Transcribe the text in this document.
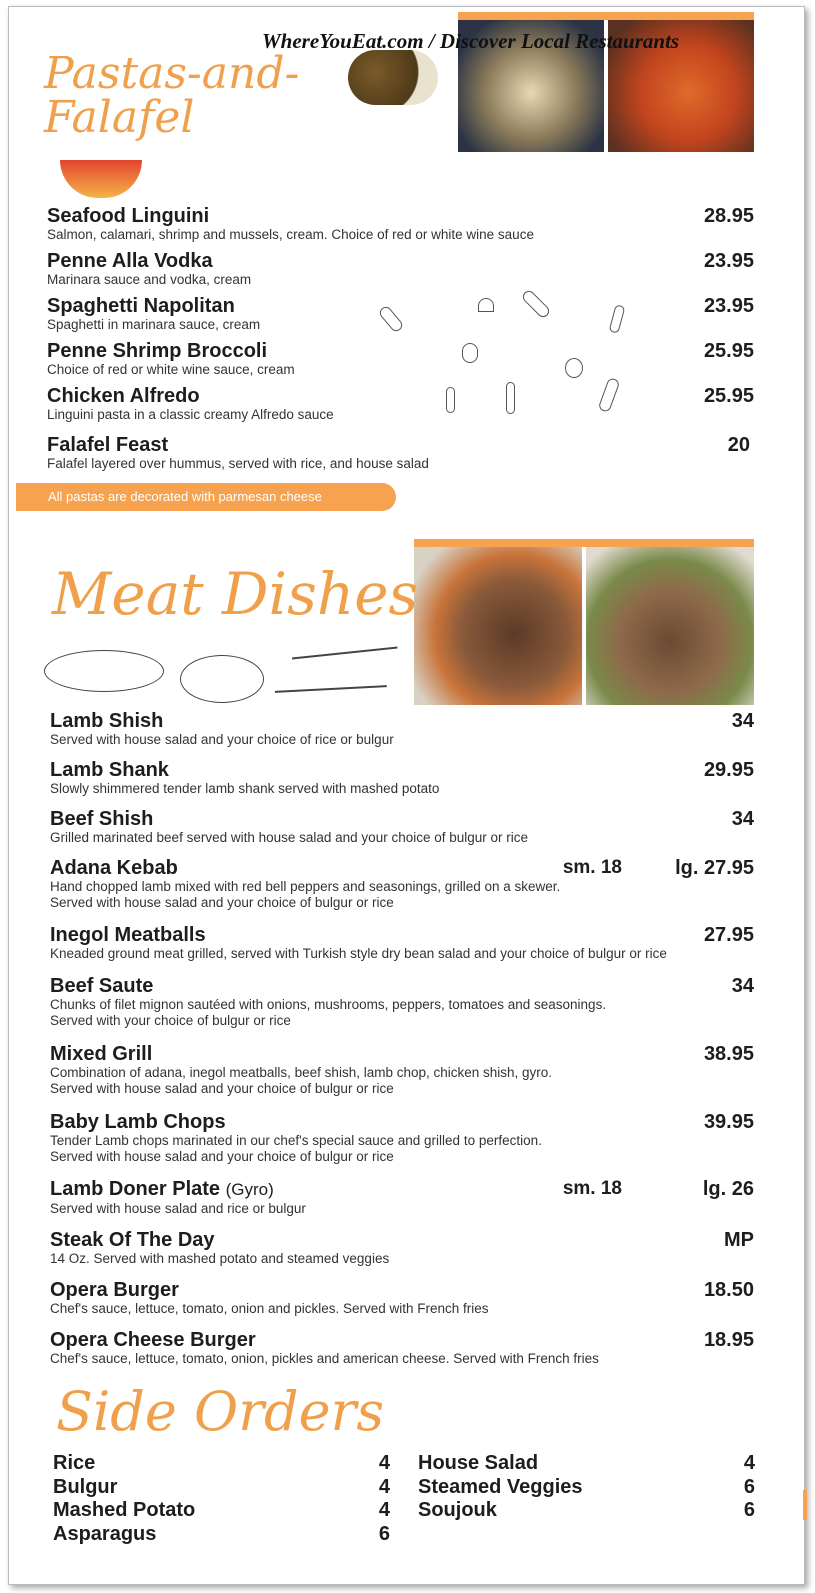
WhereYouEat.com / Discover Local Restaurants
Pastas-and-Falafel
Seafood Linguini
Salmon, calamari, shrimp and mussels, cream. Choice of red or white wine sauce
28.95
Penne Alla Vodka
Marinara sauce and vodka, cream
23.95
Spaghetti Napolitan
Spaghetti in marinara sauce, cream
23.95
Penne Shrimp Broccoli
Choice of red or white wine sauce, cream
25.95
Chicken Alfredo
Linguini pasta in a classic creamy Alfredo sauce
25.95
Falafel Feast
Falafel layered over hummus, served with rice, and house salad
20
All pastas are decorated with parmesan cheese
Meat Dishes
Lamb Shish
Served with house salad and your choice of rice or bulgur
34
Lamb Shank
Slowly shimmered tender lamb shank served with mashed potato
29.95
Beef Shish
Grilled marinated beef served with house salad and your choice of bulgur or rice
34
Adana Kebab
Hand chopped lamb mixed with red bell peppers and seasonings, grilled on a skewer.
Served with house salad and your choice of bulgur or rice
sm. 18	lg. 27.95
Inegol Meatballs
Kneaded ground meat grilled, served with Turkish style dry bean salad and your choice of bulgur or rice
27.95
Beef Saute
Chunks of filet mignon sautéed with onions, mushrooms, peppers, tomatoes and seasonings.
Served with your choice of bulgur or rice
34
Mixed Grill
Combination of adana, inegol meatballs, beef shish, lamb chop, chicken shish, gyro.
Served with house salad and your choice of bulgur or rice
38.95
Baby Lamb Chops
Tender Lamb chops marinated in our chef's special sauce and grilled to perfection.
Served with house salad and your choice of bulgur or rice
39.95
Lamb Doner Plate (Gyro)
Served with house salad and rice or bulgur
sm. 18	lg. 26
Steak Of The Day
14 Oz. Served with mashed potato and steamed veggies
MP
Opera Burger
Chef's sauce, lettuce, tomato, onion and pickles. Served with French fries
18.50
Opera Cheese Burger
Chef's sauce, lettuce, tomato, onion, pickles and american cheese. Served with French fries
18.95
Side Orders
Rice	4
Bulgur	4
Mashed Potato	4
Asparagus	6
House Salad	4
Steamed Veggies	6
Soujouk	6
